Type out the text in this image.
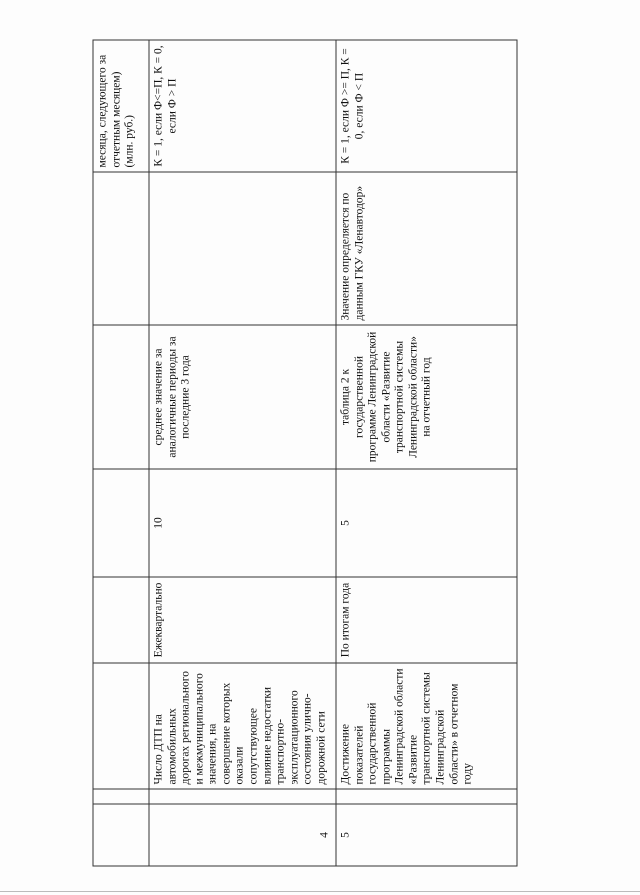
							месяца, следующего за отчетным месяцем) (млн. руб.)
4		Число ДТП на автомобильных дорогах регионального и межмуниципального значения, на совершение которых оказали сопутствующее влияние недостатки транспортно-эксплуатационного состояния улично-дорожной сети	Ежеквартально	10	среднее значение за аналогичные периоды за последние 3 года		К = 1, если Ф<=П, К = 0, если Ф > П
5		Достижение показателей государственной программы Ленинградской области «Развитие транспортной системы Ленинградской области» в отчетном году	По итогам года	5	таблица 2 к государственной программе Ленинградской области «Развитие транспортной системы Ленинградской области» на отчетный год	Значение определяется по данным ГКУ «Ленавтодор»	К = 1, если Ф >= П, К = 0, если Ф < П
